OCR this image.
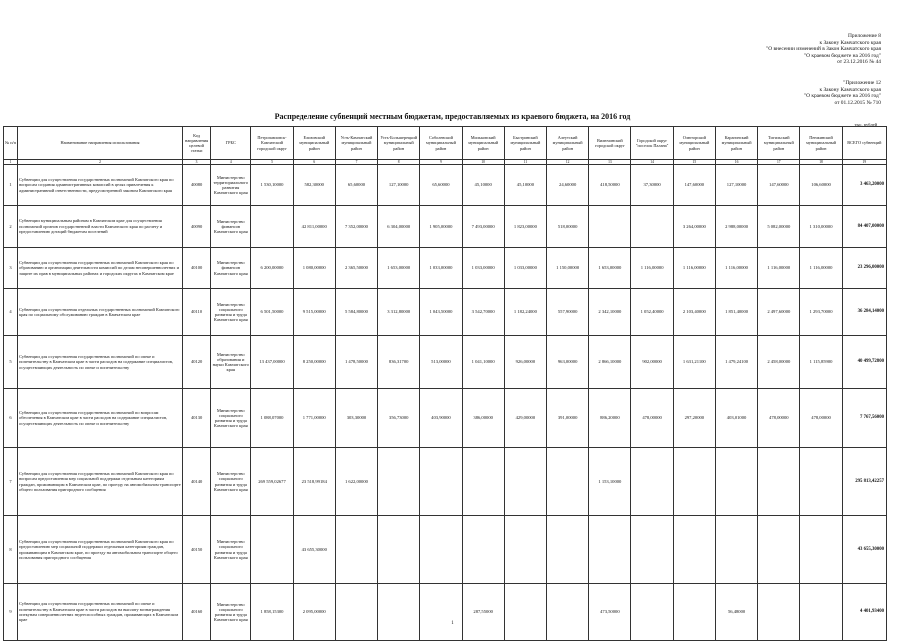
Приложение 8
к Закону Камчатского края
"О внесении изменений в Закон Камчатского края
"О краевом бюджете на 2016 год"
от 23.12.2016 № 44
"Приложение 12
к Закону Камчатского края
"О краевом бюджете на 2016 год"
от 01.12.2015 № 710
Распределение субвенций местным бюджетам, предоставляемых из краевого бюджета, на 2016 год
тыс. рублей
№ п/п	Наименование направления использования	Код направления целевой статьи	ГРБС	Петропавловск-Камчатский городской округ	Елизовский муниципальный район	Усть-Камчатский муниципальный район	Усть-Большерецкий муниципальный район	Соболевский муниципальный район	Мильковский муниципальный район	Быстринский муниципальный район	Алеутский муниципальный район	Вилючинский городской округ	Городской округ "поселок Палана"	Олюторский муниципальный район	Карагинский муниципальный район	Тигильский муниципальный район	Пенжинский муниципальный район	ВСЕГО субвенций
1	2	3	4	5	6	7	8	9	10	11	12	13	14	15	16	17	18	19
1	Субвенции для осуществления государственных полномочий Камчатского края по вопросам создания административных комиссий в целях привлечения к административной ответственности, предусмотренной законом Камчатского края	40080	Министерство территориального развития Камчатского края	1 530,10000	582,30000	65,60000	127,10000	65,60000	45,10000	45,10000	24,60000	418,50000	37,30000	147,60000	127,10000	147,60000	106,60000	3 463,20000
2	Субвенции муниципальным районам в Камчатском крае для осуществления полномочий органов государственной власти Камчатского края по расчету и предоставлению дотаций бюджетам поселений	40090	Министерство финансов Камчатского края		42 811,00000	7 352,00000	6 304,00000	1 905,00000	7 493,00000	1 823,00000	518,00000			3 264,00000	2 988,00000	5 082,00000	1 310,00000	84 407,00000
3	Субвенции для осуществления государственных полномочий Камчатского края по образованию и организации деятельности комиссий по делам несовершеннолетних и защите их прав в муниципальных районах и городских округах в Камчатском крае	40100	Министерство финансов Камчатского края	6 200,00000	1 080,00000	2 365,50000	1 653,00000	1 033,00000	1 033,00000	1 033,00000	1 150,00000	1 653,00000	1 116,00000	1 116,00000	1 116,00000	1 116,00000	1 116,00000	23 296,00000
4	Субвенции для осуществления отдельных государственных полномочий Камчатского края по социальному обслуживанию граждан в Камчатском крае	40110	Министерство социального развития и труда Камчатского края	6 501,50000	9 515,00000	5 584,80000	3 312,80000	1 043,50000	3 542,70000	1 182,24000	557,90000	2 342,10000	1 052,40000	2 103,40000	1 851,40000	2 497,60000	1 293,70000	36 284,14000
5	Субвенции для осуществления государственных полномочий по опеке и попечительству в Камчатском крае в части расходов на содержание специалистов, осуществляющих деятельность по опеке и попечительству	40120	Министерство образования и науки Камчатского края	13 437,00000	8 250,00000	1 478,50000	836,31700	513,00000	1 041,10000	926,00000	963,00000	2 866,10000	902,00000	1 631,21100	1 479,24100	2 458,00000	1 115,85900	40 499,72800
6	Субвенции для осуществления государственных полномочий по вопросам обеспечения в Камчатском крае в части расходов на содержание специалистов, осуществляющих деятельность по опеке и попечительству	40130	Министерство социального развития и труда Камчатского края	1 088,07000	1 771,00000	303,30000	356,73000	403,90000	386,00000	429,00000	391,00000	886,20000	478,00000	297,20000	403,01000	478,00000	478,00000	7 767,56000
7	Субвенции для осуществления государственных полномочий Камчатского края по вопросам предоставления мер социальной поддержки отдельным категориям граждан, проживающим в Камчатском крае, по проезду на автомобильном транспорте общего пользования пригородного сообщения	40140	Министерство социального развития и труда Камчатского края	269 559,02677	23 518,99184	1 622,00000						1 153,10000						295 813,42257
8	Субвенции для осуществления государственных полномочий Камчатского края по предоставлению мер социальной поддержки отдельным категориям граждан, проживающим в Камчатском крае, по проезду на автомобильном транспорте общего пользования пригородного сообщения	40150	Министерство социального развития и труда Камчатского края		43 655,30000													43 655,30000
9	Субвенции для осуществления государственных полномочий по опеке и попечительству в Камчатском крае в части расходов на выплату вознаграждения опекунам совершеннолетних недееспособных граждан, проживающих в Камчатском крае	40160	Министерство социального развития и труда Камчатского края	1 858,15300	2 095,00000				287,55000			473,50000			56,48000			4 401,93400
1
